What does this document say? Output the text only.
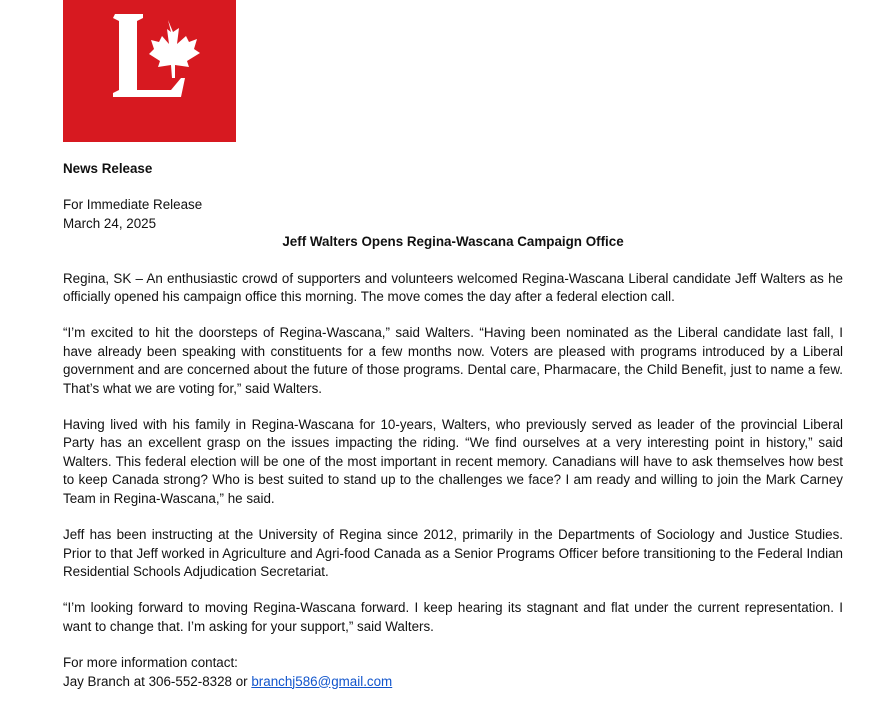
News Release

For Immediate Release

March 24, 2025

Jeff Walters Opens Regina-Wascana Campaign Office

Regina, SK – An enthusiastic crowd of supporters and volunteers welcomed Regina-Wascana Liberal candidate Jeff Walters as he officially opened his campaign office this morning. The move comes the day after a federal election call.

“I’m excited to hit the doorsteps of Regina-Wascana,” said Walters. “Having been nominated as the Liberal candidate last fall, I have already been speaking with constituents for a few months now. Voters are pleased with programs introduced by a Liberal government and are concerned about the future of those programs. Dental care, Pharmacare, the Child Benefit, just to name a few. That’s what we are voting for,” said Walters.

Having lived with his family in Regina-Wascana for 10-years, Walters, who previously served as leader of the provincial Liberal Party has an excellent grasp on the issues impacting the riding. “We find ourselves at a very interesting point in history,” said Walters. This federal election will be one of the most important in recent memory. Canadians will have to ask themselves how best to keep Canada strong? Who is best suited to stand up to the challenges we face? I am ready and willing to join the Mark Carney Team in Regina-Wascana,” he said.

Jeff has been instructing at the University of Regina since 2012, primarily in the Departments of Sociology and Justice Studies. Prior to that Jeff worked in Agriculture and Agri-food Canada as a Senior Programs Officer before transitioning to the Federal Indian Residential Schools Adjudication Secretariat.

“I’m looking forward to moving Regina-Wascana forward. I keep hearing its stagnant and flat under the current representation. I want to change that. I’m asking for your support,” said Walters.

For more information contact:

Jay Branch at 306-552-8328 or branchj586@gmail.com
